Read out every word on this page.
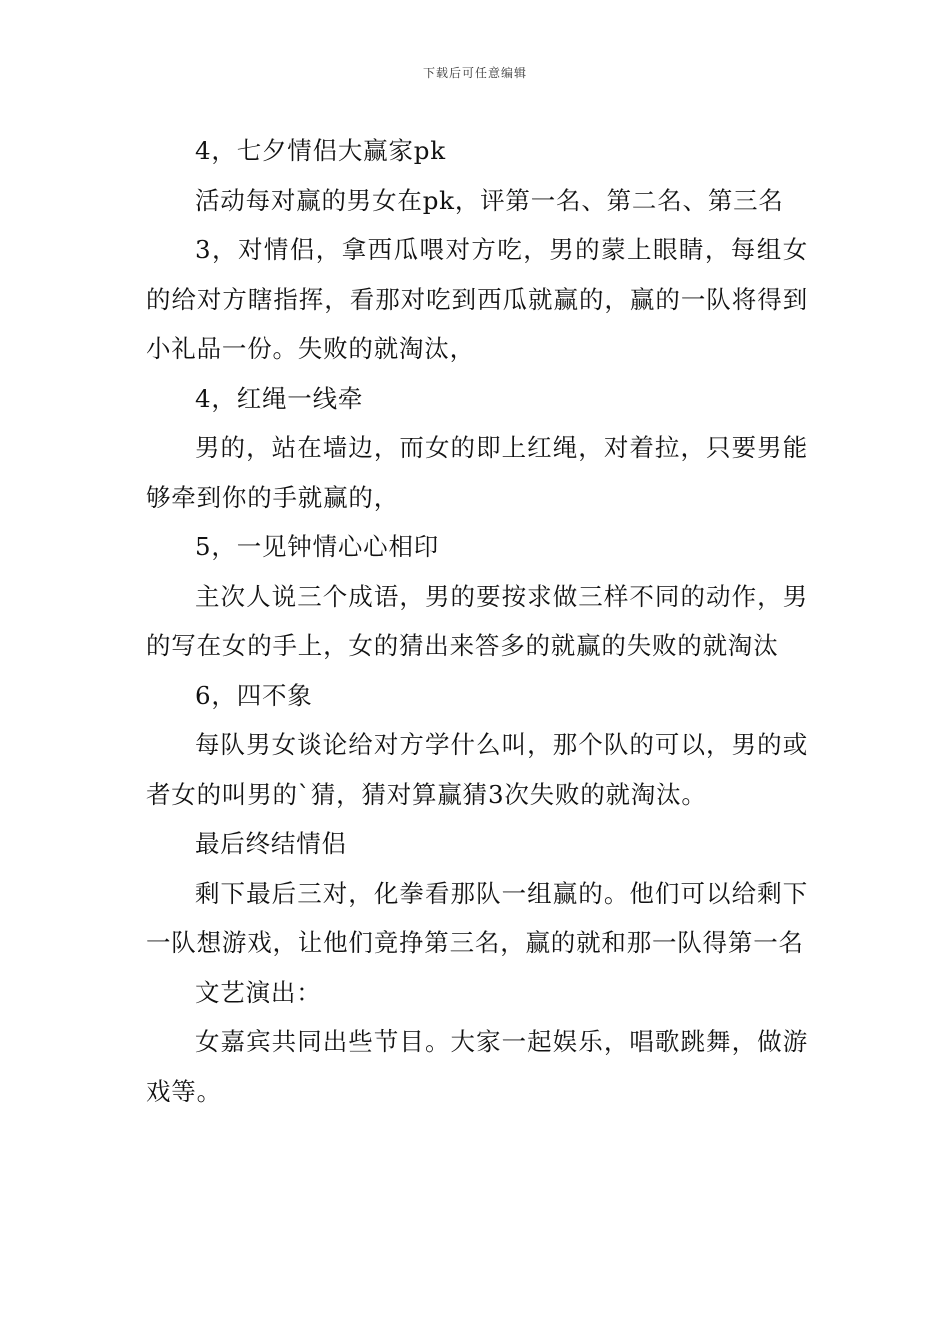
下载后可任意编辑

4，七夕情侣大赢家pk

活动每对赢的男女在pk，评第一名、第二名、第三名

3，对情侣，拿西瓜喂对方吃，男的蒙上眼睛，每组女的给对方瞎指挥，看那对吃到西瓜就赢的，赢的一队将得到小礼品一份。失败的就淘汰，

4，红绳一线牵

男的，站在墙边，而女的即上红绳，对着拉，只要男能够牵到你的手就赢的，

5，一见钟情心心相印

主次人说三个成语，男的要按求做三样不同的动作，男的写在女的手上，女的猜出来答多的就赢的失败的就淘汰

6，四不象

每队男女谈论给对方学什么叫，那个队的可以，男的或者女的叫男的`猜，猜对算赢猜3次失败的就淘汰。

最后终结情侣

剩下最后三对，化拳看那队一组赢的。他们可以给剩下一队想游戏，让他们竟挣第三名，赢的就和那一队得第一名

文艺演出：

女嘉宾共同出些节目。大家一起娱乐，唱歌跳舞，做游戏等。
